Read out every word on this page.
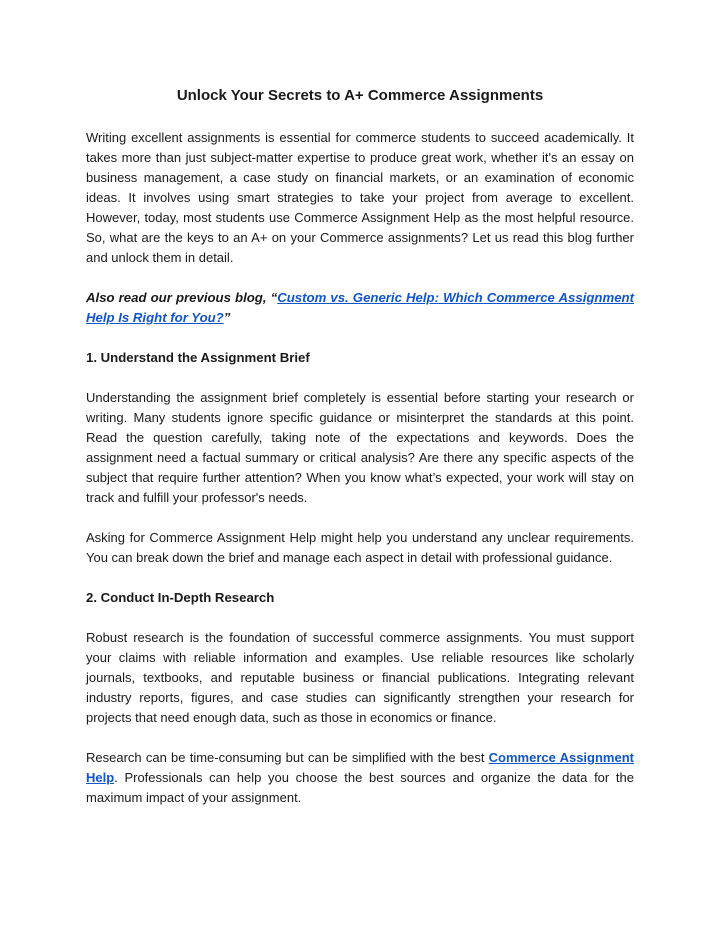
Unlock Your Secrets to A+ Commerce Assignments

Writing excellent assignments is essential for commerce students to succeed academically. It takes more than just subject-matter expertise to produce great work, whether it's an essay on business management, a case study on financial markets, or an examination of economic ideas. It involves using smart strategies to take your project from average to excellent. However, today, most students use Commerce Assignment Help as the most helpful resource. So, what are the keys to an A+ on your Commerce assignments? Let us read this blog further and unlock them in detail.

Also read our previous blog, “Custom vs. Generic Help: Which Commerce Assignment Help Is Right for You?”

1. Understand the Assignment Brief

Understanding the assignment brief completely is essential before starting your research or writing. Many students ignore specific guidance or misinterpret the standards at this point. Read the question carefully, taking note of the expectations and keywords. Does the assignment need a factual summary or critical analysis? Are there any specific aspects of the subject that require further attention? When you know what’s expected, your work will stay on track and fulfill your professor's needs.

Asking for Commerce Assignment Help might help you understand any unclear requirements. You can break down the brief and manage each aspect in detail with professional guidance.

2. Conduct In-Depth Research

Robust research is the foundation of successful commerce assignments. You must support your claims with reliable information and examples. Use reliable resources like scholarly journals, textbooks, and reputable business or financial publications. Integrating relevant industry reports, figures, and case studies can significantly strengthen your research for projects that need enough data, such as those in economics or finance.

Research can be time-consuming but can be simplified with the best Commerce Assignment Help. Professionals can help you choose the best sources and organize the data for the maximum impact of your assignment.
